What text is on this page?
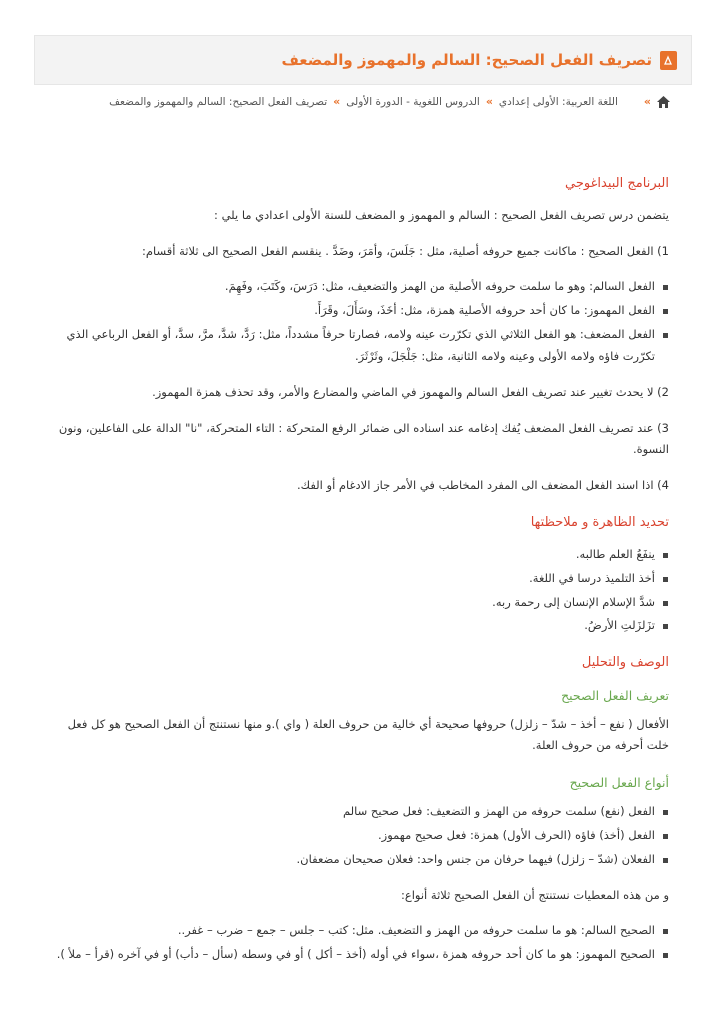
تصريف الفعل الصحيح: السالم والمهموز والمضعف
»
اللغة العربية: الأولى إعدادي
»
الدروس اللغوية - الدورة الأولى
»
تصريف الفعل الصحيح: السالم والمهموز والمضعف
البرنامج البيداغوجي

يتضمن درس تصريف الفعل الصحيح : السالم و المهموز و المضعف للسنة الأولى اعدادي ما يلي :

1) الفعل الصحيح : ماكانت جميع حروفه أصلية، مثل : جَلَسَ، وأمَرَ، وضَدَّ . ينقسم الفعل الصحيح الى ثلاثة أقسام:

الفعل السالم: وهو ما سلمت حروفه الأصلية من الهمز والتضعيف، مثل: دَرَسَ، وكَتَبَ، وفَهِمَ.
الفعل المهموز: ما كان أحد حروفه الأصلية همزة، مثل: أخَذَ، وسَأَلَ، وقَرَأَ.
الفعل المضعف: هو الفعل الثلاثي الذي تكرّرت عينه ولامه، فصارتا حرفاً مشدداً، مثل: رَدَّ، شدَّ، مرَّ، سدَّ، أو الفعل الرباعي الذي تكرّرت فاؤه ولامه الأولى وعينه ولامه الثانية، مثل: جَلْجَلَ، وثَرْثَرَ.

2) لا يحدث تغيير عند تصريف الفعل السالم والمهموز في الماضي والمضارع والأمر، وقد تحذف همزة المهموز.

3) عند تصريف الفعل المضعف يُفك إدغامه عند اسناده الى ضمائر الرفع المتحركة : التاء المتحركة، "نا" الدالة على الفاعلين، ونون النسوة.

4) اذا اسند الفعل المضعف الى المفرد المخاطب في الأمر جاز الادغام أو الفك.

تحديد الظاهرة و ملاحظتها
ينفَعُ العلم طالبه.
أخذ التلميذ درسا في اللغة.
شدَّ الإسلام الإنسان إلى رحمة ربه.
تزَلزَلتِ الأرضُ.
الوصف والتحليل
تعريف الفعل الصحيح

الأفعال ( نفع – أخذ – شدّ – زلزل) حروفها صحيحة أي خالية من حروف العلة ( واي ).و منها نستنتج أن الفعل الصحيح هو كل فعل خلت أحرفه من حروف العلة.

أنواع الفعل الصحيح
الفعل (نفع) سلمت حروفه من الهمز و التضعيف: فعل صحيح سالم
الفعل (أخذ) فاؤه (الحرف الأول) همزة: فعل صحيح مهموز.
الفعلان (شدّ – زلزل) فيهما حرفان من جنس واحد: فعلان صحيحان مضعفان.

و من هذه المعطيات نستنتج أن الفعل الصحيح ثلاثة أنواع:

الصحيح السالم: هو ما سلمت حروفه من الهمز و التضعيف. مثل: كتب – جلس – جمع – ضرب – غفر..
الصحيح المهموز: هو ما كان أحد حروفه همزة ،سواء في أوله (أخذ – أكل ) أو في وسطه (سأل – دأب) أو في آخره (قرأ – ملأ ).
